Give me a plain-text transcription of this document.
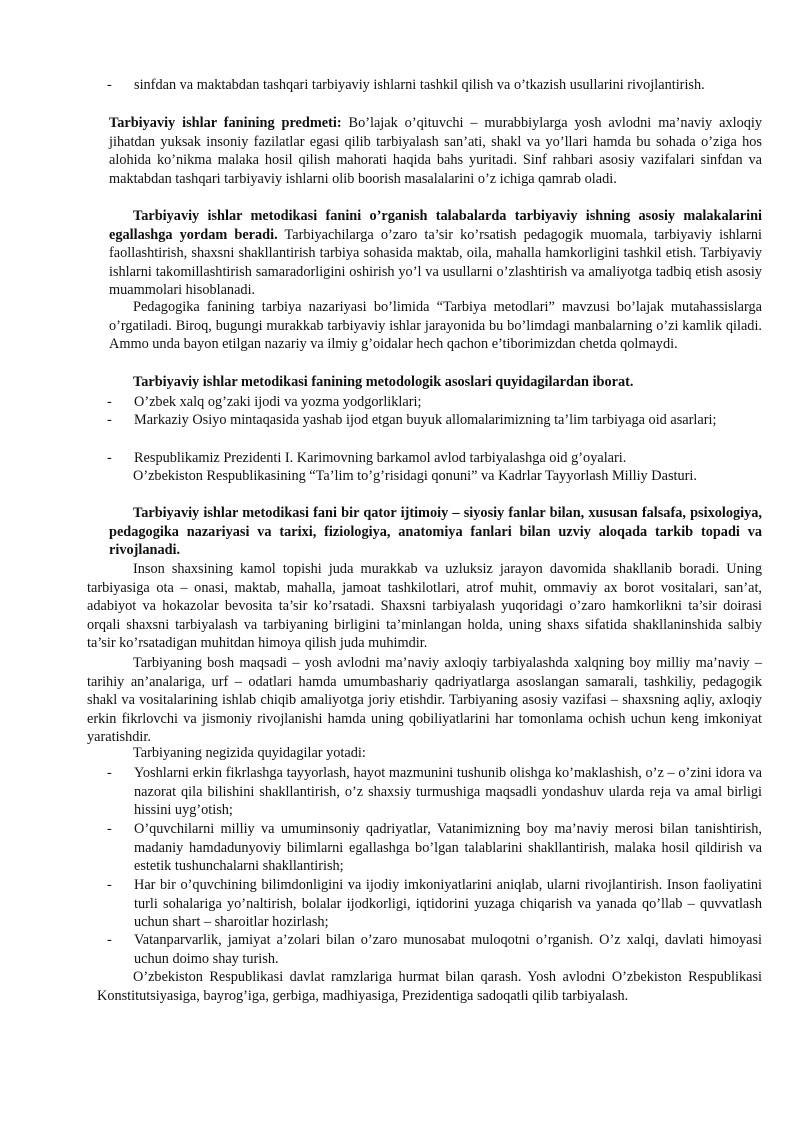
- sinfdan va maktabdan tashqari tarbiyaviy ishlarni tashkil qilish va o’tkazish usullarini rivojlantirish.

Tarbiyaviy ishlar fanining predmeti: Bo’lajak o’qituvchi – murabbiylarga yosh avlodni ma’naviy axloqiy jihatdan yuksak insoniy fazilatlar egasi qilib tarbiyalash san’ati, shakl va yo’llari hamda bu sohada o’ziga hos alohida ko’nikma malaka hosil qilish mahorati haqida bahs yuritadi. Sinf rahbari asosiy vazifalari sinfdan va maktabdan tashqari tarbiyaviy ishlarni olib boorish masalalarini o’z ichiga qamrab oladi.

Tarbiyaviy ishlar metodikasi fanini o’rganish talabalarda tarbiyaviy ishning asosiy malakalarini egallashga yordam beradi. Tarbiyachilarga o’zaro ta’sir ko’rsatish pedagogik muomala, tarbiyaviy ishlarni faollashtirish, shaxsni shakllantirish tarbiya sohasida maktab, oila, mahalla hamkorligini tashkil etish. Tarbiyaviy ishlarni takomillashtirish samaradorligini oshirish yo’l va usullarni o’zlashtirish va amaliyotga tadbiq etish asosiy muammolari hisoblanadi.

Pedagogika fanining tarbiya nazariyasi bo’limida “Tarbiya metodlari” mavzusi bo’lajak mutahassislarga o’rgatiladi. Biroq, bugungi murakkab tarbiyaviy ishlar jarayonida bu bo’limdagi manbalarning o’zi kamlik qiladi. Ammo unda bayon etilgan nazariy va ilmiy g’oidalar hech qachon e’tiborimizdan chetda qolmaydi.

Tarbiyaviy ishlar metodikasi fanining metodologik asoslari quyidagilardan iborat.

- O’zbek xalq og’zaki ijodi va yozma yodgorliklari;
- Markaziy Osiyo mintaqasida yashab ijod etgan buyuk allomalarimizning ta’lim tarbiyaga oid asarlari;
- Respublikamiz Prezidenti I. Karimovning barkamol avlod tarbiyalashga oid g’oyalari.

O’zbekiston Respublikasining “Ta’lim to’g’risidagi qonuni” va Kadrlar Tayyorlash Milliy Dasturi.

Tarbiyaviy ishlar metodikasi fani bir qator ijtimoiy – siyosiy fanlar bilan, xususan falsafa, psixologiya, pedagogika nazariyasi va tarixi, fiziologiya, anatomiya fanlari bilan uzviy aloqada tarkib topadi va rivojlanadi.

Inson shaxsining kamol topishi juda murakkab va uzluksiz jarayon davomida shakllanib boradi. Uning tarbiyasiga ota – onasi, maktab, mahalla, jamoat tashkilotlari, atrof muhit, ommaviy ax borot vositalari, san’at, adabiyot va hokazolar bevosita ta’sir ko’rsatadi. Shaxsni tarbiyalash yuqoridagi o’zaro hamkorlikni ta’sir doirasi orqali shaxsni tarbiyalash va tarbiyaning birligini ta’minlangan holda, uning shaxs sifatida shakllaninshida salbiy ta’sir ko’rsatadigan muhitdan himoya qilish juda muhimdir.

Tarbiyaning bosh maqsadi – yosh avlodni ma’naviy axloqiy tarbiyalashda xalqning boy milliy ma’naviy – tarihiy an’analariga, urf – odatlari hamda umumbashariy qadriyatlarga asoslangan samarali, tashkiliy, pedagogik shakl va vositalarining ishlab chiqib amaliyotga joriy etishdir. Tarbiyaning asosiy vazifasi – shaxsning aqliy, axloqiy erkin fikrlovchi va jismoniy rivojlanishi hamda uning qobiliyatlarini har tomonlama ochish uchun keng imkoniyat yaratishdir.

Tarbiyaning negizida quyidagilar yotadi:

- Yoshlarni erkin fikrlashga tayyorlash, hayot mazmunini tushunib olishga ko’maklashish, o’z – o’zini idora va nazorat qila bilishini shakllantirish, o’z shaxsiy turmushiga maqsadli yondashuv ularda reja va amal birligi hissini uyg’otish;
- O’quvchilarni milliy va umuminsoniy qadriyatlar, Vatanimizning boy ma’naviy merosi bilan tanishtirish, madaniy hamdadunyoviy bilimlarni egallashga bo’lgan talablarini shakllantirish, malaka hosil qildirish va estetik tushunchalarni shakllantirish;
- Har bir o’quvchining bilimdonligini va ijodiy imkoniyatlarini aniqlab, ularni rivojlantirish. Inson faoliyatini turli sohalariga yo’naltirish, bolalar ijodkorligi, iqtidorini yuzaga chiqarish va yanada qo’llab – quvvatlash uchun shart – sharoitlar hozirlash;
- Vatanparvarlik, jamiyat a’zolari bilan o’zaro munosabat muloqotni o’rganish. O’z xalqi, davlati himoyasi uchun doimo shay turish.

O’zbekiston Respublikasi davlat ramzlariga hurmat bilan qarash. Yosh avlodni O’zbekiston Respublikasi Konstitutsiyasiga, bayrog’iga, gerbiga, madhiyasiga, Prezidentiga sadoqatli qilib tarbiyalash.
